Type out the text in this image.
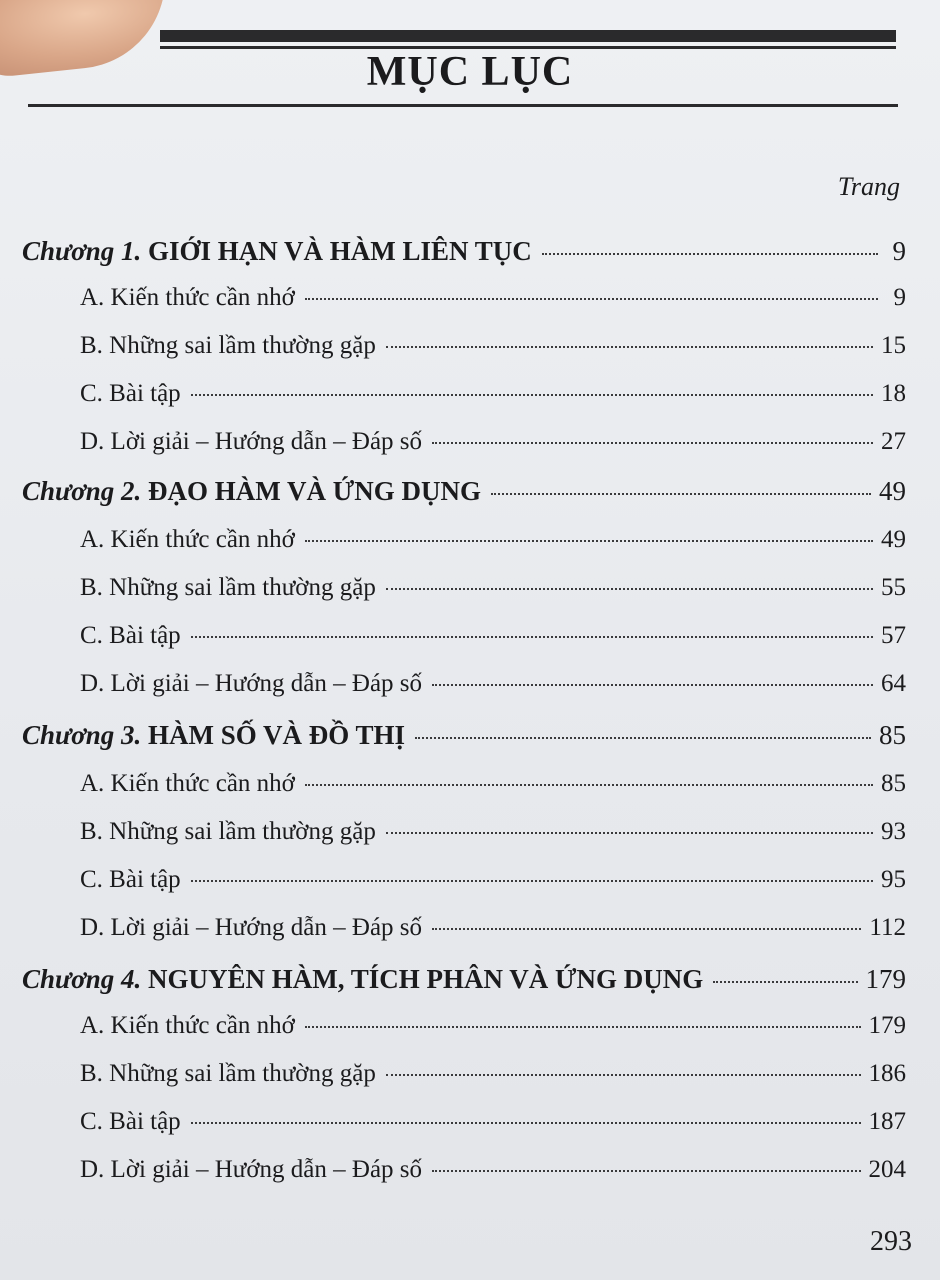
MỤC LỤC
Trang
Chương 1. GIỚI HẠN VÀ HÀM LIÊN TỤC	9
A. Kiến thức cần nhớ	9
B. Những sai lầm thường gặp	15
C. Bài tập	18
D. Lời giải – Hướng dẫn – Đáp số	27
Chương 2. ĐẠO HÀM VÀ ỨNG DỤNG	49
A. Kiến thức cần nhớ	49
B. Những sai lầm thường gặp	55
C. Bài tập	57
D. Lời giải – Hướng dẫn – Đáp số	64
Chương 3. HÀM SỐ VÀ ĐỒ THỊ	85
A. Kiến thức cần nhớ	85
B. Những sai lầm thường gặp	93
C. Bài tập	95
D. Lời giải – Hướng dẫn – Đáp số	112
Chương 4. NGUYÊN HÀM, TÍCH PHÂN VÀ ỨNG DỤNG	179
A. Kiến thức cần nhớ	179
B. Những sai lầm thường gặp	186
C. Bài tập	187
D. Lời giải – Hướng dẫn – Đáp số	204
293
